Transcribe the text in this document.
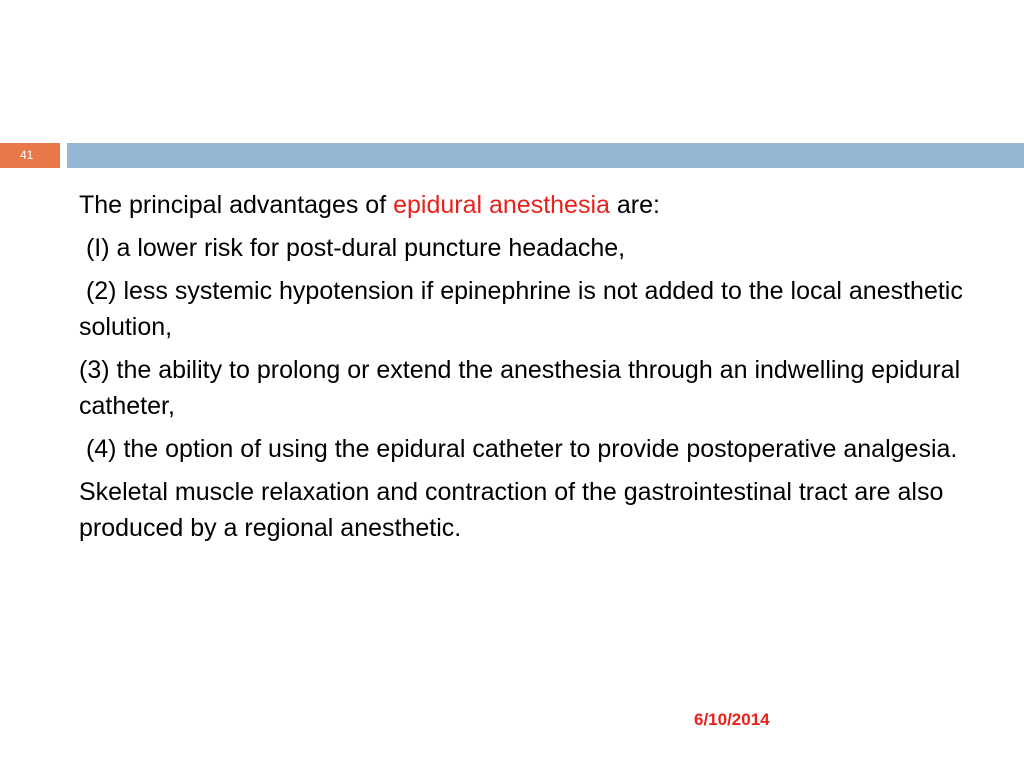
41

The principal advantages of epidural anesthesia are:

(I) a lower risk for post-dural puncture headache,

(2) less systemic hypotension if epinephrine is not added to the local anesthetic solution,

(3) the ability to prolong or extend the anesthesia through an indwelling epidural catheter,

(4) the option of using the epidural catheter to provide postoperative analgesia.

Skeletal muscle relaxation and contraction of the gastrointestinal tract are also produced by a regional anesthetic.

6/10/2014
